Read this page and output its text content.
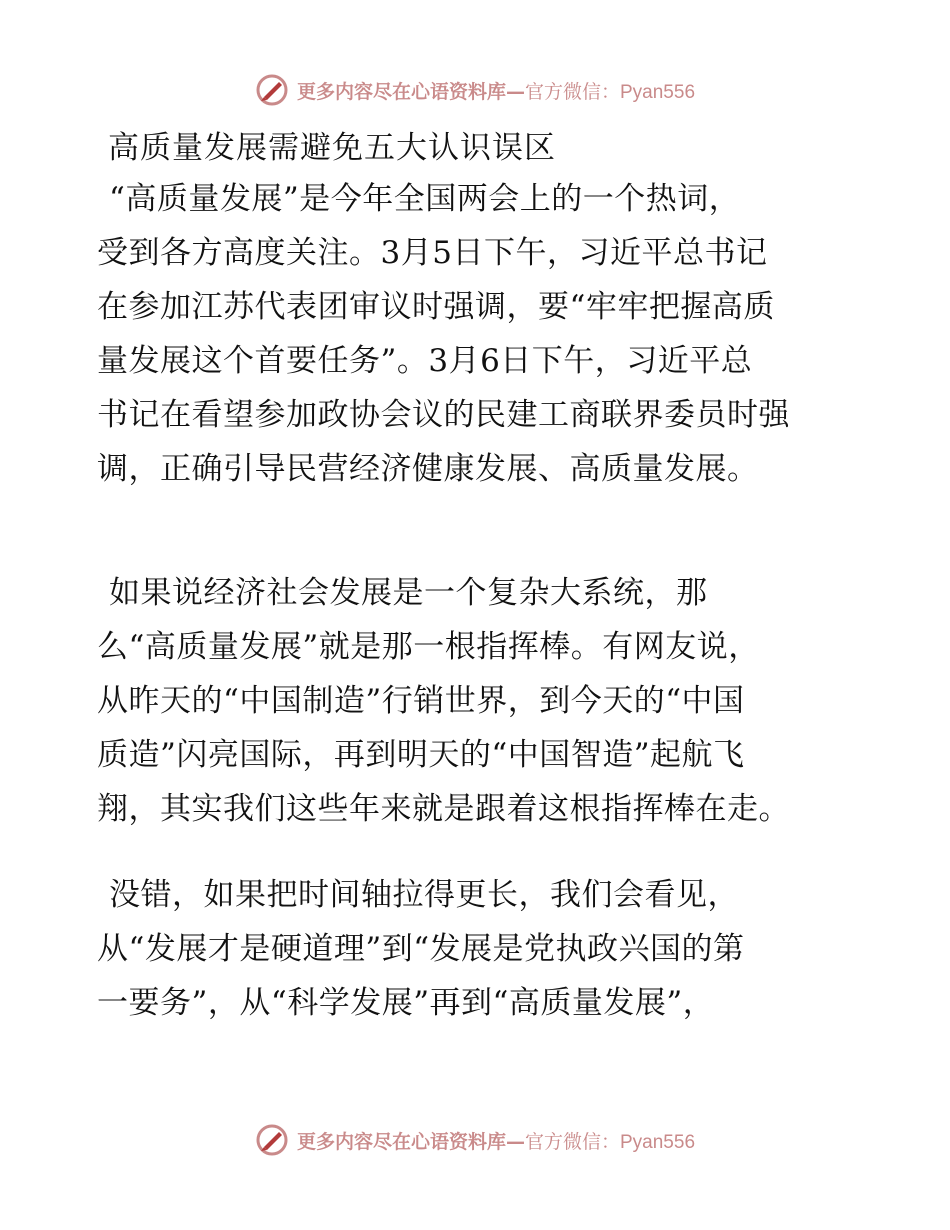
更多内容尽在心语资料库—官方微信：Pyan556
高质量发展需避免五大认识误区
“高质量发展”是今年全国两会上的一个热词，
受到各方高度关注。3月5日下午，习近平总书记
在参加江苏代表团审议时强调，要“牢牢把握高质
量发展这个首要任务”。3月6日下午，习近平总
书记在看望参加政协会议的民建工商联界委员时强
调，正确引导民营经济健康发展、高质量发展。
如果说经济社会发展是一个复杂大系统，那
么“高质量发展”就是那一根指挥棒。有网友说，
从昨天的“中国制造”行销世界，到今天的“中国
质造”闪亮国际，再到明天的“中国智造”起航飞
翔，其实我们这些年来就是跟着这根指挥棒在走。
没错，如果把时间轴拉得更长，我们会看见，
从“发展才是硬道理”到“发展是党执政兴国的第
一要务”，从“科学发展”再到“高质量发展”，
更多内容尽在心语资料库—官方微信：Pyan556
